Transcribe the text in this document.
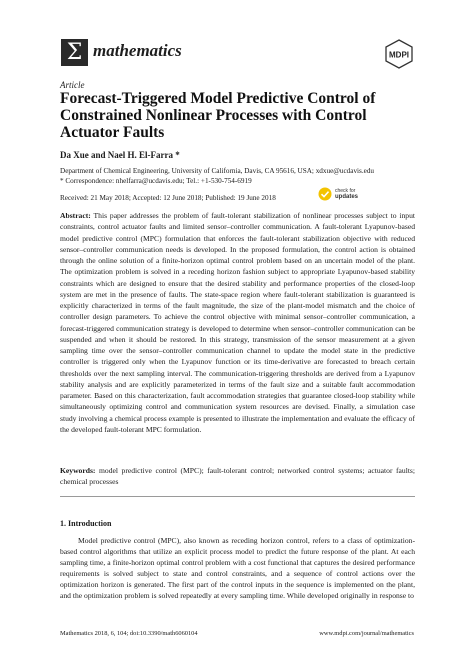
Σ mathematics	MDPI
Article
Forecast-Triggered Model Predictive Control of Constrained Nonlinear Processes with Control Actuator Faults
Da Xue and Nael H. El-Farra *
Department of Chemical Engineering, University of California, Davis, CA 95616, USA; xdxue@ucdavis.edu
* Correspondence: nhelfarra@ucdavis.edu; Tel.: +1-530-754-6919
Received: 21 May 2018; Accepted: 12 June 2018; Published: 19 June 2018
check for
updates
Abstract: This paper addresses the problem of fault-tolerant stabilization of nonlinear processes subject to input constraints, control actuator faults and limited sensor–controller communication. A fault-tolerant Lyapunov-based model predictive control (MPC) formulation that enforces the fault-tolerant stabilization objective with reduced sensor–controller communication needs is developed. In the proposed formulation, the control action is obtained through the online solution of a finite-horizon optimal control problem based on an uncertain model of the plant. The optimization problem is solved in a receding horizon fashion subject to appropriate Lyapunov-based stability constraints which are designed to ensure that the desired stability and performance properties of the closed-loop system are met in the presence of faults. The state-space region where fault-tolerant stabilization is guaranteed is explicitly characterized in terms of the fault magnitude, the size of the plant-model mismatch and the choice of controller design parameters. To achieve the control objective with minimal sensor–controller communication, a forecast-triggered communication strategy is developed to determine when sensor–controller communication can be suspended and when it should be restored. In this strategy, transmission of the sensor measurement at a given sampling time over the sensor–controller communication channel to update the model state in the predictive controller is triggered only when the Lyapunov function or its time-derivative are forecasted to breach certain thresholds over the next sampling interval. The communication-triggering thresholds are derived from a Lyapunov stability analysis and are explicitly parameterized in terms of the fault size and a suitable fault accommodation parameter. Based on this characterization, fault accommodation strategies that guarantee closed-loop stability while simultaneously optimizing control and communication system resources are devised. Finally, a simulation case study involving a chemical process example is presented to illustrate the implementation and evaluate the efficacy of the developed fault-tolerant MPC formulation.
Keywords: model predictive control (MPC); fault-tolerant control; networked control systems; actuator faults; chemical processes
1. Introduction
Model predictive control (MPC), also known as receding horizon control, refers to a class of optimization-based control algorithms that utilize an explicit process model to predict the future response of the plant. At each sampling time, a finite-horizon optimal control problem with a cost functional that captures the desired performance requirements is solved subject to state and control constraints, and a sequence of control actions over the optimization horizon is generated. The first part of the control inputs in the sequence is implemented on the plant, and the optimization problem is solved repeatedly at every sampling time. While developed originally in response to
Mathematics 2018, 6, 104; doi:10.3390/math6060104	www.mdpi.com/journal/mathematics
